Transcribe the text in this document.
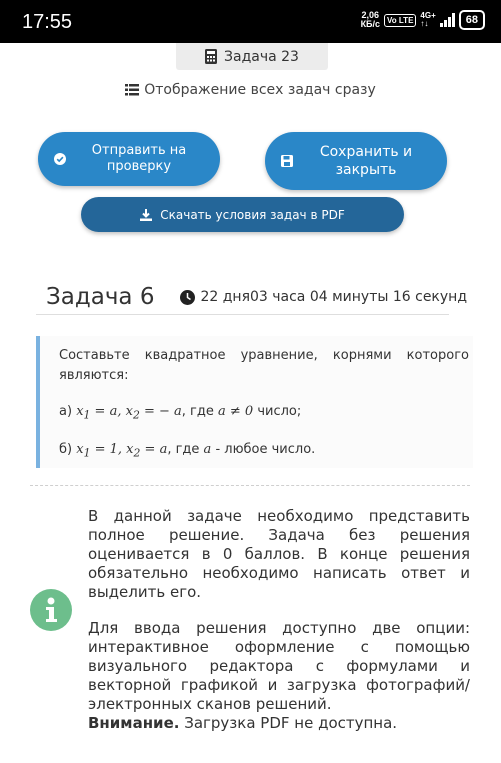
17:55	2,06
КБ/с Vo LTE 4G+
↑↓	68
Задача 23
Отображение всех задач сразу
Отправить на проверку
Сохранить и закрыть
Скачать условия задач в PDF
Задача 6	22 дня03 часа 04 минуты 16 секунд

Составьте квадратное уравнение, корнями которого являются:

а) $x_1 = a$, $x_2$ = − a, где a ≠ 0 число;

б) $x_1 = 1$, $x_2 = a$, где a - любое число.

В данной задаче необходимо представить полное решение. Задача без решения оценивается в 0 баллов. В конце решения обязательно необходимо написать ответ и выделить его.

Для ввода решения доступно две опции: интерактивное оформление с помощью визуального редактора с формулами и векторной графикой и загрузка фотографий/электронных сканов решений.

Внимание. Загрузка PDF не доступна.
